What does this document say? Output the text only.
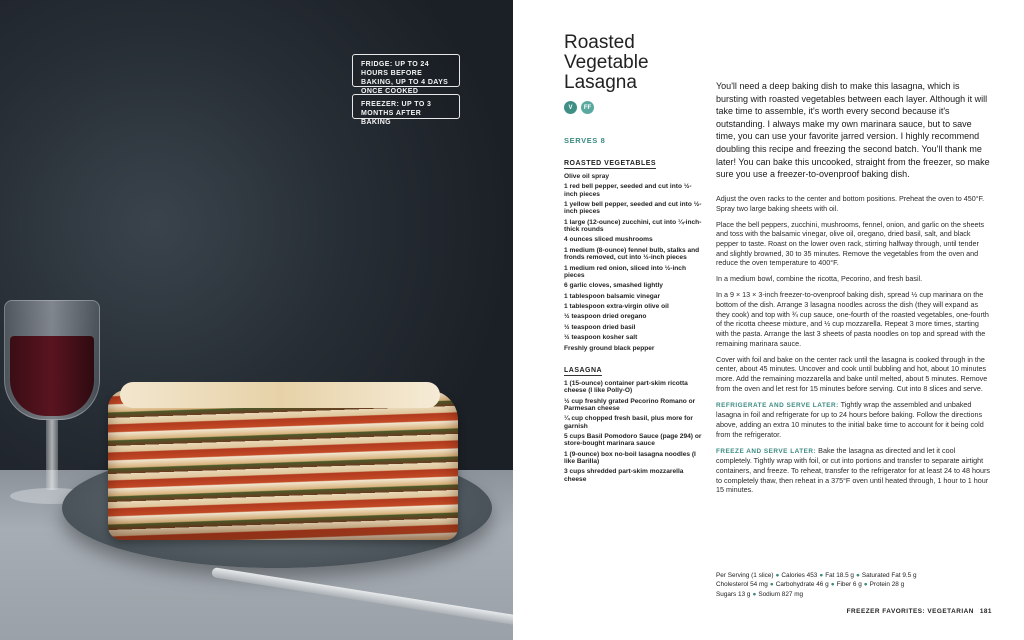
FRIDGE: UP TO 24 HOURS BEFORE BAKING, UP TO 4 DAYS ONCE COOKED
FREEZER: UP TO 3 MONTHS AFTER BAKING
Roasted Vegetable Lasagna
V	FF
SERVES 8
ROASTED VEGETABLES
Olive oil spray
1 red bell pepper, seeded and cut into ½-inch pieces
1 yellow bell pepper, seeded and cut into ½-inch pieces
1 large (12-ounce) zucchini, cut into ¼-inch-thick rounds
4 ounces sliced mushrooms
1 medium (8-ounce) fennel bulb, stalks and fronds removed, cut into ½-inch pieces
1 medium red onion, sliced into ½-inch pieces
6 garlic cloves, smashed lightly
1 tablespoon balsamic vinegar
1 tablespoon extra-virgin olive oil
½ teaspoon dried oregano
½ teaspoon dried basil
½ teaspoon kosher salt
Freshly ground black pepper
LASAGNA
1 (15-ounce) container part-skim ricotta cheese (I like Polly-O)
½ cup freshly grated Pecorino Romano or Parmesan cheese
¼ cup chopped fresh basil, plus more for garnish
5 cups Basil Pomodoro Sauce (page 294) or store-bought marinara sauce
1 (9-ounce) box no-boil lasagna noodles (I like Barilla)
3 cups shredded part-skim mozzarella cheese

You'll need a deep baking dish to make this lasagna, which is bursting with roasted vegetables between each layer. Although it will take time to assemble, it's worth every second because it's outstanding. I always make my own marinara sauce, but to save time, you can use your favorite jarred version. I highly recommend doubling this recipe and freezing the second batch. You'll thank me later! You can bake this uncooked, straight from the freezer, so make sure you use a freezer-to-ovenproof baking dish.

Adjust the oven racks to the center and bottom positions. Preheat the oven to 450°F. Spray two large baking sheets with oil.

Place the bell peppers, zucchini, mushrooms, fennel, onion, and garlic on the sheets and toss with the balsamic vinegar, olive oil, oregano, dried basil, salt, and black pepper to taste. Roast on the lower oven rack, stirring halfway through, until tender and slightly browned, 30 to 35 minutes. Remove the vegetables from the oven and reduce the oven temperature to 400°F.

In a medium bowl, combine the ricotta, Pecorino, and fresh basil.

In a 9 × 13 × 3-inch freezer-to-ovenproof baking dish, spread ½ cup marinara on the bottom of the dish. Arrange 3 lasagna noodles across the dish (they will expand as they cook) and top with ¾ cup sauce, one-fourth of the roasted vegetables, one-fourth of the ricotta cheese mixture, and ½ cup mozzarella. Repeat 3 more times, starting with the pasta. Arrange the last 3 sheets of pasta noodles on top and spread with the remaining marinara sauce.

Cover with foil and bake on the center rack until the lasagna is cooked through in the center, about 45 minutes. Uncover and cook until bubbling and hot, about 10 minutes more. Add the remaining mozzarella and bake until melted, about 5 minutes. Remove from the oven and let rest for 15 minutes before serving. Cut into 8 slices and serve.

REFRIGERATE AND SERVE LATER: Tightly wrap the assembled and unbaked lasagna in foil and refrigerate for up to 24 hours before baking. Follow the directions above, adding an extra 10 minutes to the initial bake time to account for it being cold from the refrigerator.

FREEZE AND SERVE LATER: Bake the lasagna as directed and let it cool completely. Tightly wrap with foil, or cut into portions and transfer to separate airtight containers, and freeze. To reheat, transfer to the refrigerator for at least 24 to 48 hours to completely thaw, then reheat in a 375°F oven until heated through, 1 hour to 1 hour 15 minutes.

Per Serving (1 slice) ● Calories 453 ● Fat 18.5 g ● Saturated Fat 9.5 g
Cholesterol 54 mg ● Carbohydrate 46 g ● Fiber 6 g ● Protein 28 g
Sugars 13 g ● Sodium 827 mg
FREEZER FAVORITES: VEGETARIAN 181
